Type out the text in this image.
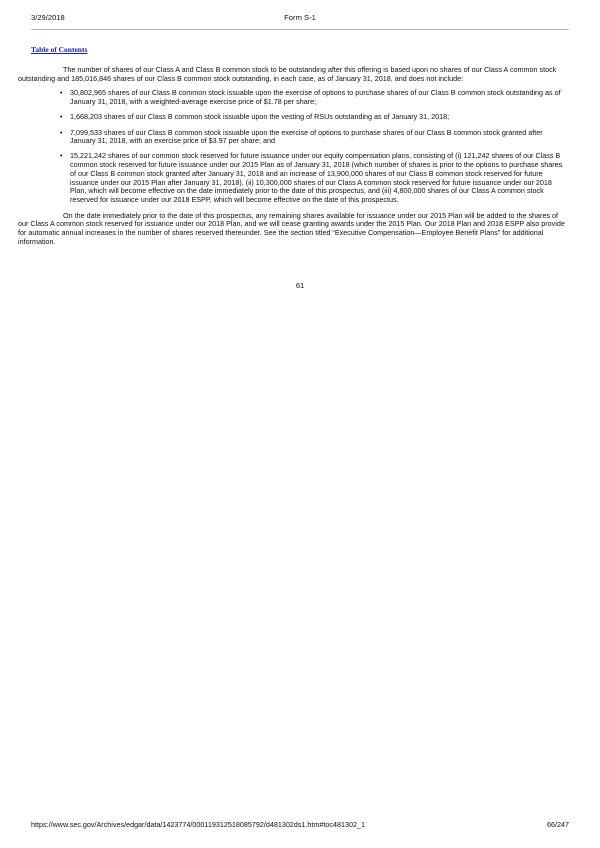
3/29/2018	Form S-1
Table of Contents

The number of shares of our Class A and Class B common stock to be outstanding after this offering is based upon no shares of our Class A common stock outstanding and 185,016,846 shares of our Class B common stock outstanding, in each case, as of January 31, 2018, and does not include:

• 30,802,965 shares of our Class B common stock issuable upon the exercise of options to purchase shares of our Class B common stock outstanding as of January 31, 2018, with a weighted-average exercise price of $1.78 per share;
• 1,668,203 shares of our Class B common stock issuable upon the vesting of RSUs outstanding as of January 31, 2018;
• 7,099,533 shares of our Class B common stock issuable upon the exercise of options to purchase shares of our Class B common stock granted after January 31, 2018, with an exercise price of $3.97 per share; and
• 15,221,242 shares of our common stock reserved for future issuance under our equity compensation plans, consisting of (i) 121,242 shares of our Class B common stock reserved for future issuance under our 2015 Plan as of January 31, 2018 (which number of shares is prior to the options to purchase shares of our Class B common stock granted after January 31, 2018 and an increase of 13,900,000 shares of our Class B common stock reserved for future issuance under our 2015 Plan after January 31, 2018), (ii) 10,300,000 shares of our Class A common stock reserved for future issuance under our 2018 Plan, which will become effective on the date immediately prior to the date of this prospectus, and (iii) 4,800,000 shares of our Class A common stock reserved for issuance under our 2018 ESPP, which will become effective on the date of this prospectus.

On the date immediately prior to the date of this prospectus, any remaining shares available for issuance under our 2015 Plan will be added to the shares of our Class A common stock reserved for issuance under our 2018 Plan, and we will cease granting awards under the 2015 Plan. Our 2018 Plan and 2018 ESPP also provide for automatic annual increases in the number of shares reserved thereunder. See the section titled “Executive Compensation—Employee Benefit Plans” for additional information.

61
https://www.sec.gov/Archives/edgar/data/1423774/000119312518085792/d481302ds1.htm#toc481302_1	66/247
